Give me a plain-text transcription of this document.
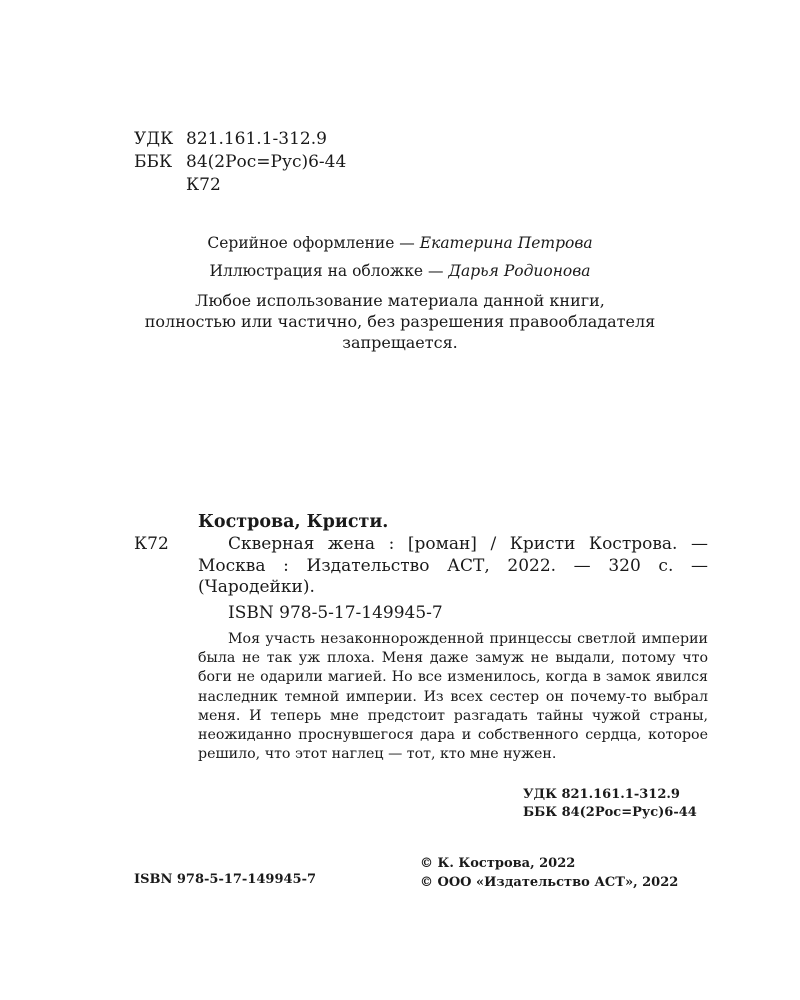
УДК 821.161.1-312.9
ББК 84(2Рос=Рус)6-44
К72
Серийное оформление — Екатерина Петрова
Иллюстрация на обложке — Дарья Родионова
Любое использование материала данной книги,
полностью или частично, без разрешения правообладателя
запрещается.
Кострова, Кристи.
К72	Скверная жена : [роман] / Кристи Кострова. — Москва : Издательство АСТ, 2022. — 320 с. — (Чародейки).
ISBN 978-5-17-149945-7
Моя участь незаконнорожденной принцессы светлой империи была не так уж плоха. Меня даже замуж не выдали, потому что боги не одарили магией. Но все изменилось, когда в замок явился наследник темной империи. Из всех сестер он почему-то выбрал меня. И теперь мне предстоит разгадать тайны чужой страны, неожиданно проснувшегося дара и собственного сердца, которое решило, что этот наглец — тот, кто мне нужен.
УДК 821.161.1-312.9
ББК 84(2Рос=Рус)6-44
ISBN 978-5-17-149945-7
© К. Кострова, 2022
© ООО «Издательство АСТ», 2022
